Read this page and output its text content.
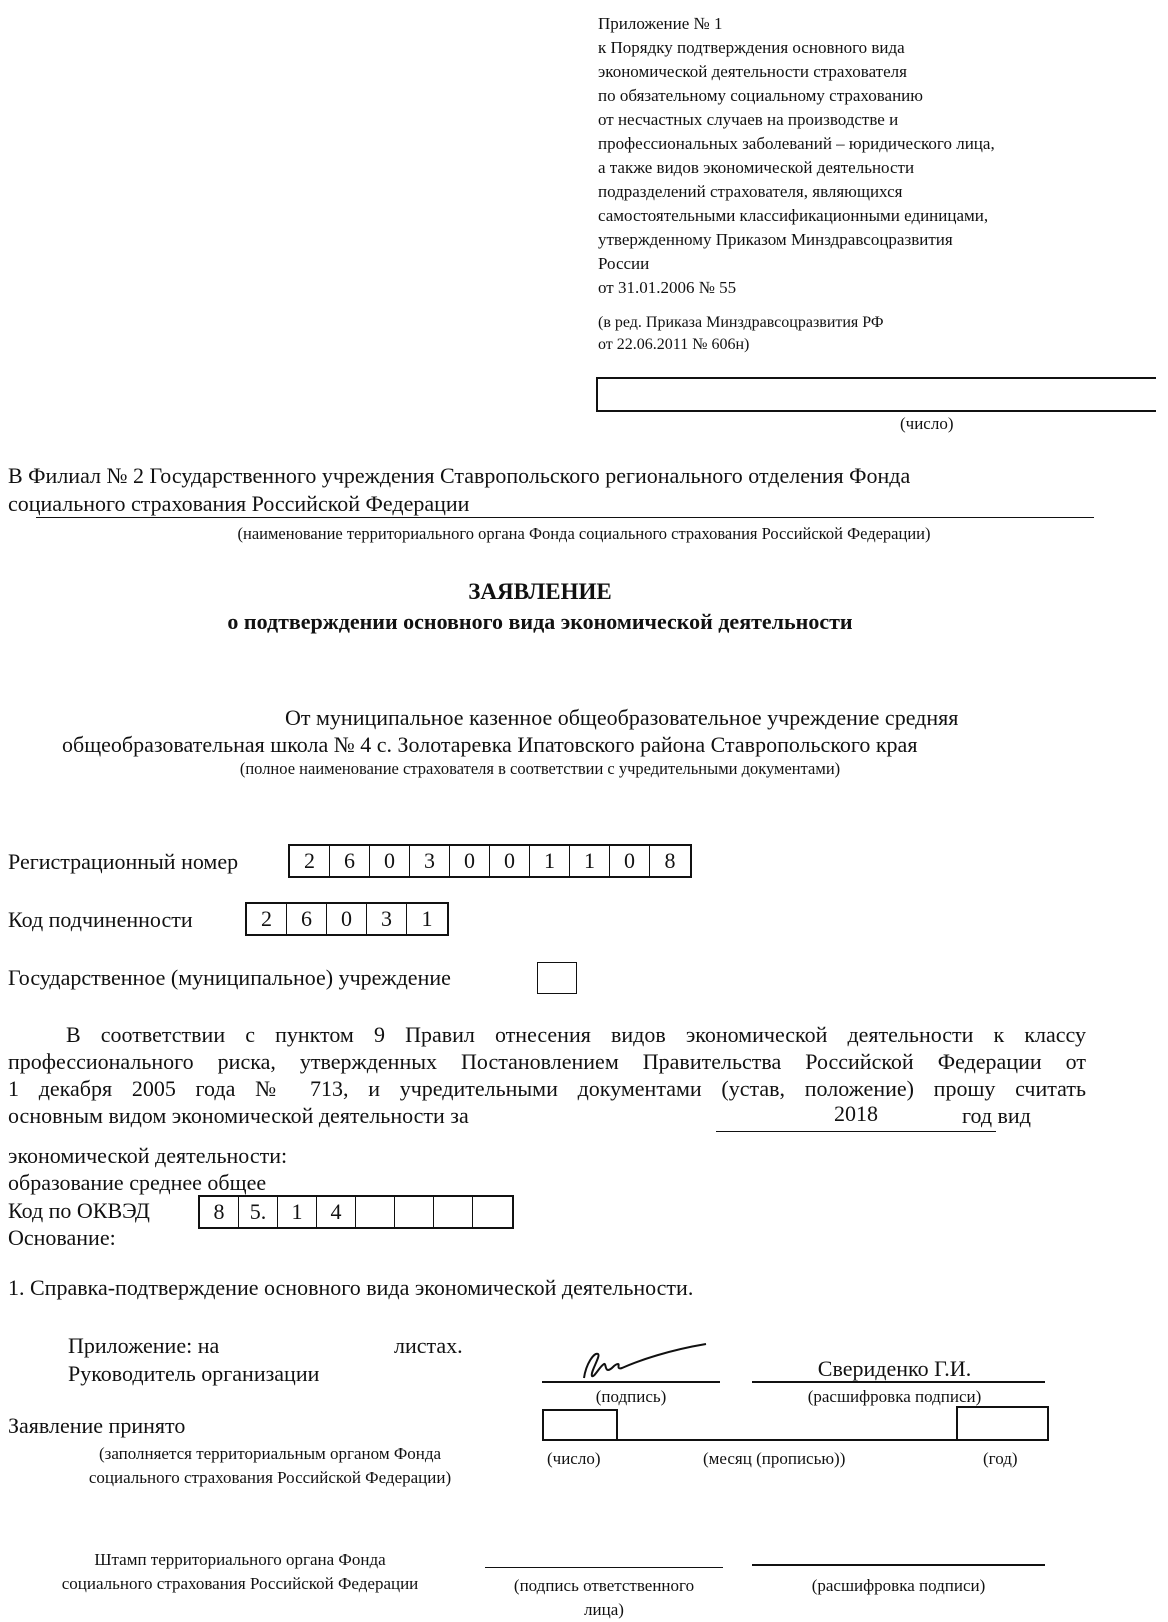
Приложение № 1
к Порядку подтверждения основного вида
экономической деятельности страхователя
по обязательному социальному страхованию
от несчастных случаев на производстве и
профессиональных заболеваний – юридического лица,
а также видов экономической деятельности
подразделений страхователя, являющихся
самостоятельными классификационными единицами,
утвержденному Приказом Минздравсоцразвития
России
от 31.01.2006 № 55
(в ред. Приказа Минздравсоцразвития РФ
от 22.06.2011 № 606н)
(число)
В Филиал № 2 Государственного учреждения Ставропольского регионального отделения Фонда
социального страхования Российской Федерации
(наименование территориального органа Фонда социального страхования Российской Федерации)
ЗАЯВЛЕНИЕ
о подтверждении основного вида экономической деятельности
От муниципальное казенное общеобразовательное учреждение средняя
общеобразовательная школа № 4 с. Золотаревка Ипатовского района Ставропольского края
(полное наименование страхователя в соответствии с учредительными документами)
Регистрационный номер	2	6	0	3	0	0	1	1	0	8
Код подчиненности	2	6	0	3	1
Государственное (муниципальное) учреждение
В соответствии с пунктом 9 Правил отнесения видов экономической деятельности к классу
профессионального риска, утвержденных Постановлением Правительства Российской Федерации от
1 декабря 2005 года № 713, и учредительными документами (устав, положение) прошу считать
основным видом экономической деятельности за	2018	год вид
экономической деятельности:
образование среднее общее
Код по ОКВЭД	8	5.	1	4
Основание:
1. Справка-подтверждение основного вида экономической деятельности.
Приложение: на	листах.
Руководитель организации	Свериденко Г.И.
(подпись)	(расшифровка подписи)
Заявление принято
(заполняется территориальным органом Фонда
социального страхования Российской Федерации)
(число)	(месяц (прописью))	(год)
Штамп территориального органа Фонда
социального страхования Российской Федерации	(подпись ответственного
лица)
(расшифровка подписи)
